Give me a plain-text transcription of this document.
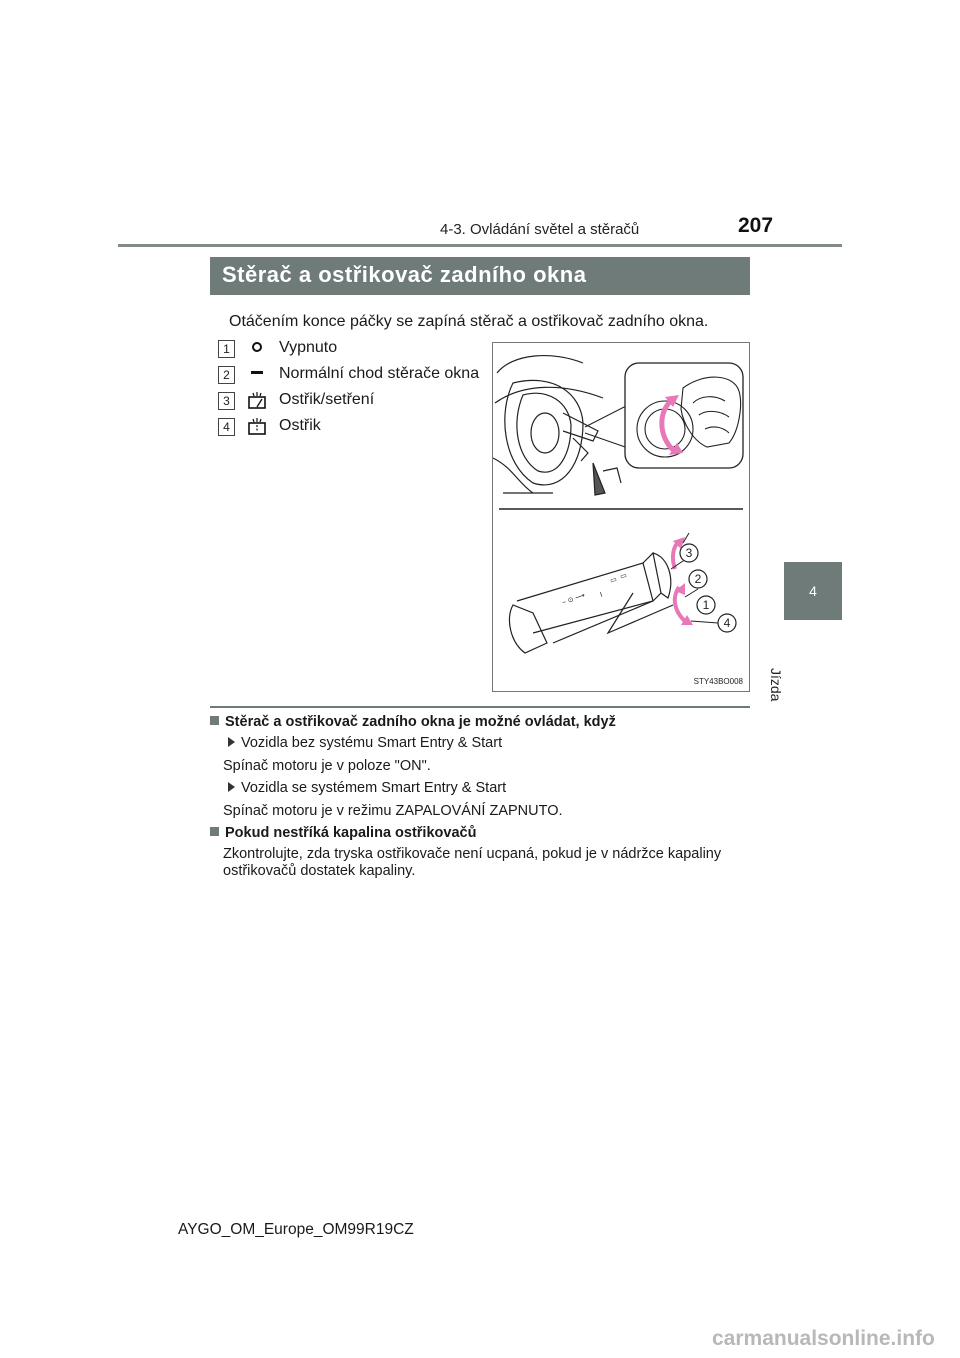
4-3. Ovládání světel a stěračů	207
4
Jízda
Stěrač a ostřikovač zadního okna
Otáčením konce páčky se zapíná stěrač a ostřikovač zadního okna.
1	Vypnuto
2	Normální chod stěrače okna
3	Ostřik/setření
4	Ostřik
~ ⊙ ⟶ I
▭ ▭
3
2
1
4
STY43BO008
Stěrač a ostřikovač zadního okna je možné ovládat, když
Vozidla bez systému Smart Entry & Start
Spínač motoru je v poloze "ON".
Vozidla se systémem Smart Entry & Start
Spínač motoru je v režimu ZAPALOVÁNÍ ZAPNUTO.
Pokud nestříká kapalina ostřikovačů
Zkontrolujte, zda tryska ostřikovače není ucpaná, pokud je v nádržce kapaliny
ostřikovačů dostatek kapaliny.
AYGO_OM_Europe_OM99R19CZ
carmanualsonline.info
